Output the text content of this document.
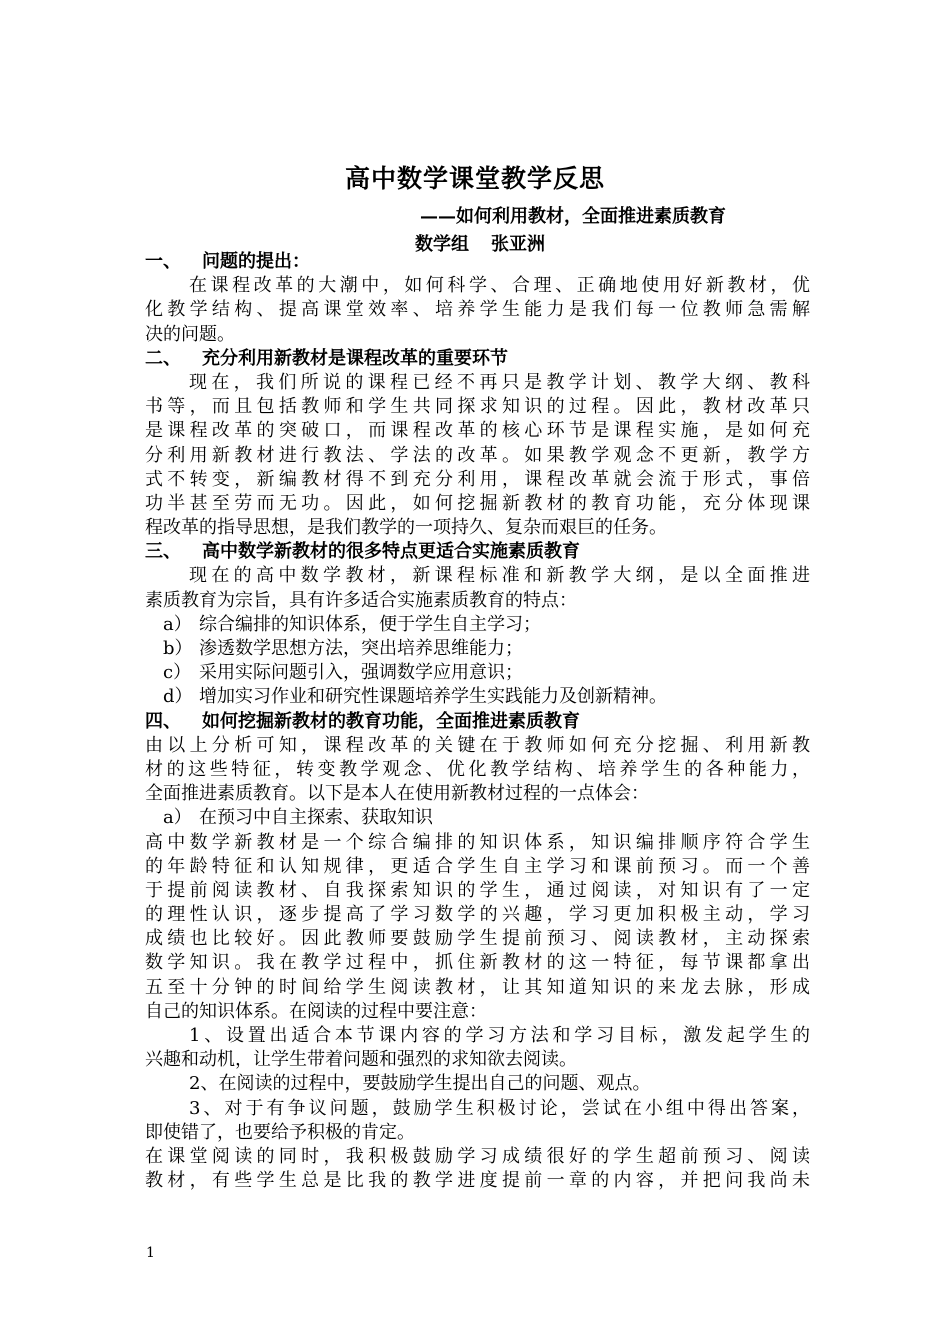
高中数学课堂教学反思
——如何利用教材，全面推进素质教育
数学组 张亚洲
一、 问题的提出：
在课程改革的大潮中，如何科学、合理、正确地使用好新教材，优
化教学结构、提高课堂效率、培养学生能力是我们每一位教师急需解
决的问题。
二、 充分利用新教材是课程改革的重要环节
现在，我们所说的课程已经不再只是教学计划、教学大纲、教科
书等，而且包括教师和学生共同探求知识的过程。因此，教材改革只
是课程改革的突破口，而课程改革的核心环节是课程实施，是如何充
分利用新教材进行教法、学法的改革。如果教学观念不更新，教学方
式不转变，新编教材得不到充分利用，课程改革就会流于形式，事倍
功半甚至劳而无功。因此，如何挖掘新教材的教育功能，充分体现课
程改革的指导思想，是我们教学的一项持久、复杂而艰巨的任务。
三、 高中数学新教材的很多特点更适合实施素质教育
现在的高中数学教材，新课程标准和新教学大纲，是以全面推进
素质教育为宗旨，具有许多适合实施素质教育的特点：
a） 综合编排的知识体系，便于学生自主学习；
b） 渗透数学思想方法，突出培养思维能力；
c） 采用实际问题引入，强调数学应用意识；
d） 增加实习作业和研究性课题培养学生实践能力及创新精神。
四、 如何挖掘新教材的教育功能，全面推进素质教育
由以上分析可知，课程改革的关键在于教师如何充分挖掘、利用新教
材的这些特征，转变教学观念、优化教学结构、培养学生的各种能力，
全面推进素质教育。以下是本人在使用新教材过程的一点体会：
a） 在预习中自主探索、获取知识
高中数学新教材是一个综合编排的知识体系，知识编排顺序符合学生
的年龄特征和认知规律，更适合学生自主学习和课前预习。而一个善
于提前阅读教材、自我探索知识的学生，通过阅读，对知识有了一定
的理性认识，逐步提高了学习数学的兴趣，学习更加积极主动，学习
成绩也比较好。因此教师要鼓励学生提前预习、阅读教材，主动探索
数学知识。我在教学过程中，抓住新教材的这一特征，每节课都拿出
五至十分钟的时间给学生阅读教材，让其知道知识的来龙去脉，形成
自己的知识体系。在阅读的过程中要注意：
1、设置出适合本节课内容的学习方法和学习目标，激发起学生的
兴趣和动机，让学生带着问题和强烈的求知欲去阅读。
2、在阅读的过程中，要鼓励学生提出自己的问题、观点。
3、对于有争议问题，鼓励学生积极讨论，尝试在小组中得出答案，
即使错了，也要给予积极的肯定。
在课堂阅读的同时，我积极鼓励学习成绩很好的学生超前预习、阅读
教材，有些学生总是比我的教学进度提前一章的内容，并把问我尚未
1
